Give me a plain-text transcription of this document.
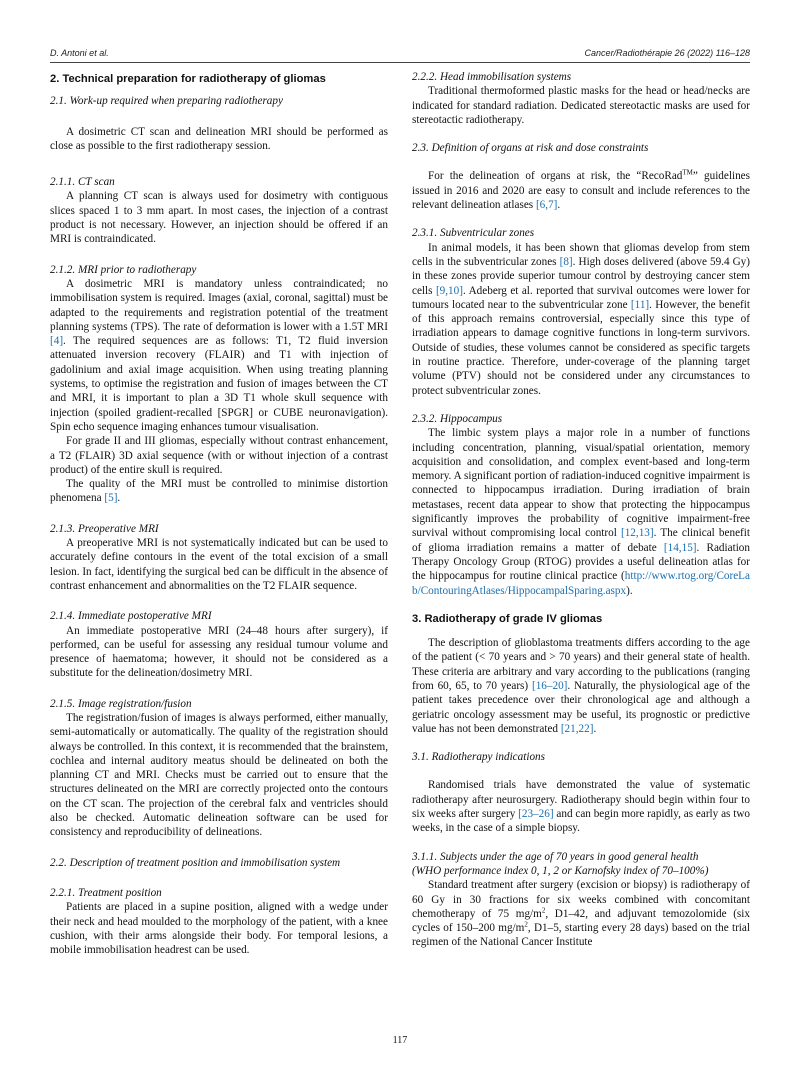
D. Antoni et al.	Cancer/Radiothérapie 26 (2022) 116–128
2. Technical preparation for radiotherapy of gliomas
2.1. Work-up required when preparing radiotherapy

A dosimetric CT scan and delineation MRI should be performed as close as possible to the first radiotherapy session.

2.1.1. CT scan

A planning CT scan is always used for dosimetry with contiguous slices spaced 1 to 3 mm apart. In most cases, the injection of a contrast product is not necessary. However, an injection should be offered if an MRI is contraindicated.

2.1.2. MRI prior to radiotherapy

A dosimetric MRI is mandatory unless contraindicated; no immobilisation system is required. Images (axial, coronal, sagittal) must be adapted to the requirements and registration potential of the treatment planning systems (TPS). The rate of deformation is lower with a 1.5T MRI [4]. The required sequences are as follows: T1, T2 fluid inversion attenuated inversion recovery (FLAIR) and T1 with injection of gadolinium and axial image acquisition. When using treating planning systems, to optimise the registration and fusion of images between the CT and MRI, it is important to plan a 3D T1 whole skull sequence with injection (spoiled gradient-recalled [SPGR] or CUBE neuronavigation). Spin echo sequence imaging enhances tumour visualisation.

For grade II and III gliomas, especially without contrast enhancement, a T2 (FLAIR) 3D axial sequence (with or without injection of a contrast product) of the entire skull is required.

The quality of the MRI must be controlled to minimise distortion phenomena [5].

2.1.3. Preoperative MRI

A preoperative MRI is not systematically indicated but can be used to accurately define contours in the event of the total excision of a small lesion. In fact, identifying the surgical bed can be difficult in the absence of contrast enhancement and abnormalities on the T2 FLAIR sequence.

2.1.4. Immediate postoperative MRI

An immediate postoperative MRI (24–48 hours after surgery), if performed, can be useful for assessing any residual tumour volume and presence of haematoma; however, it should not be considered as a substitute for the delineation/dosimetry MRI.

2.1.5. Image registration/fusion

The registration/fusion of images is always performed, either manually, semi-automatically or automatically. The quality of the registration should always be controlled. In this context, it is recommended that the brainstem, cochlea and internal auditory meatus should be delineated on both the planning CT and MRI. Checks must be carried out to ensure that the structures delineated on the MRI are correctly projected onto the contours on the CT scan. The projection of the cerebral falx and ventricles should also be checked. Automatic delineation software can be used for consistency and reproducibility of delineations.

2.2. Description of treatment position and immobilisation system
2.2.1. Treatment position

Patients are placed in a supine position, aligned with a wedge under their neck and head moulded to the morphology of the patient, with a knee cushion, with their arms alongside their body. For temporal lesions, a mobile immobilisation headrest can be used.

2.2.2. Head immobilisation systems

Traditional thermoformed plastic masks for the head or head/necks are indicated for standard radiation. Dedicated stereotactic masks are used for stereotactic radiotherapy.

2.3. Definition of organs at risk and dose constraints

For the delineation of organs at risk, the “RecoRad™” guidelines issued in 2016 and 2020 are easy to consult and include references to the relevant delineation atlases [6,7].

2.3.1. Subventricular zones

In animal models, it has been shown that gliomas develop from stem cells in the subventricular zones [8]. High doses delivered (above 59.4 Gy) in these zones provide superior tumour control by destroying cancer stem cells [9,10]. Adeberg et al. reported that survival outcomes were lower for tumours located near to the subventricular zone [11]. However, the benefit of this approach remains controversial, especially since this type of irradiation appears to damage cognitive functions in long-term survivors. Outside of studies, these volumes cannot be considered as specific targets in routine practice. Therefore, under-coverage of the planning target volume (PTV) should not be considered under any circumstances to protect subventricular zones.

2.3.2. Hippocampus

The limbic system plays a major role in a number of functions including concentration, planning, visual/spatial orientation, memory acquisition and consolidation, and complex event-based and long-term memory. A significant portion of radiation-induced cognitive impairment is connected to hippocampus irradiation. During irradiation of brain metastases, recent data appear to show that protecting the hippocampus significantly improves the probability of cognitive impairment-free survival without compromising local control [12,13]. The clinical benefit of glioma irradiation remains a matter of debate [14,15]. Radiation Therapy Oncology Group (RTOG) provides a useful delineation atlas for the hippocampus for routine clinical practice (http://www.rtog.org/CoreLab/ContouringAtlases/HippocampalSparing.aspx).

3. Radiotherapy of grade IV gliomas

The description of glioblastoma treatments differs according to the age of the patient (< 70 years and > 70 years) and their general state of health. These criteria are arbitrary and vary according to the publications (ranging from 60, 65, to 70 years) [16–20]. Naturally, the physiological age of the patient takes precedence over their chronological age and although a geriatric oncology assessment may be useful, its prognostic or predictive value has not been demonstrated [21,22].

3.1. Radiotherapy indications

Randomised trials have demonstrated the value of systematic radiotherapy after neurosurgery. Radiotherapy should begin within four to six weeks after surgery [23–26] and can begin more rapidly, as early as two weeks, in the case of a simple biopsy.

3.1.1. Subjects under the age of 70 years in good general health
(WHO performance index 0, 1, 2 or Karnofsky index of 70–100%)

Standard treatment after surgery (excision or biopsy) is radiotherapy of 60 Gy in 30 fractions for six weeks combined with concomitant chemotherapy of 75 $mg/m^2$, D1–42, and adjuvant temozolomide (six cycles of 150–200 $mg/m^2$, D1–5, starting every 28 days) based on the trial regimen of the National Cancer Institute

117
